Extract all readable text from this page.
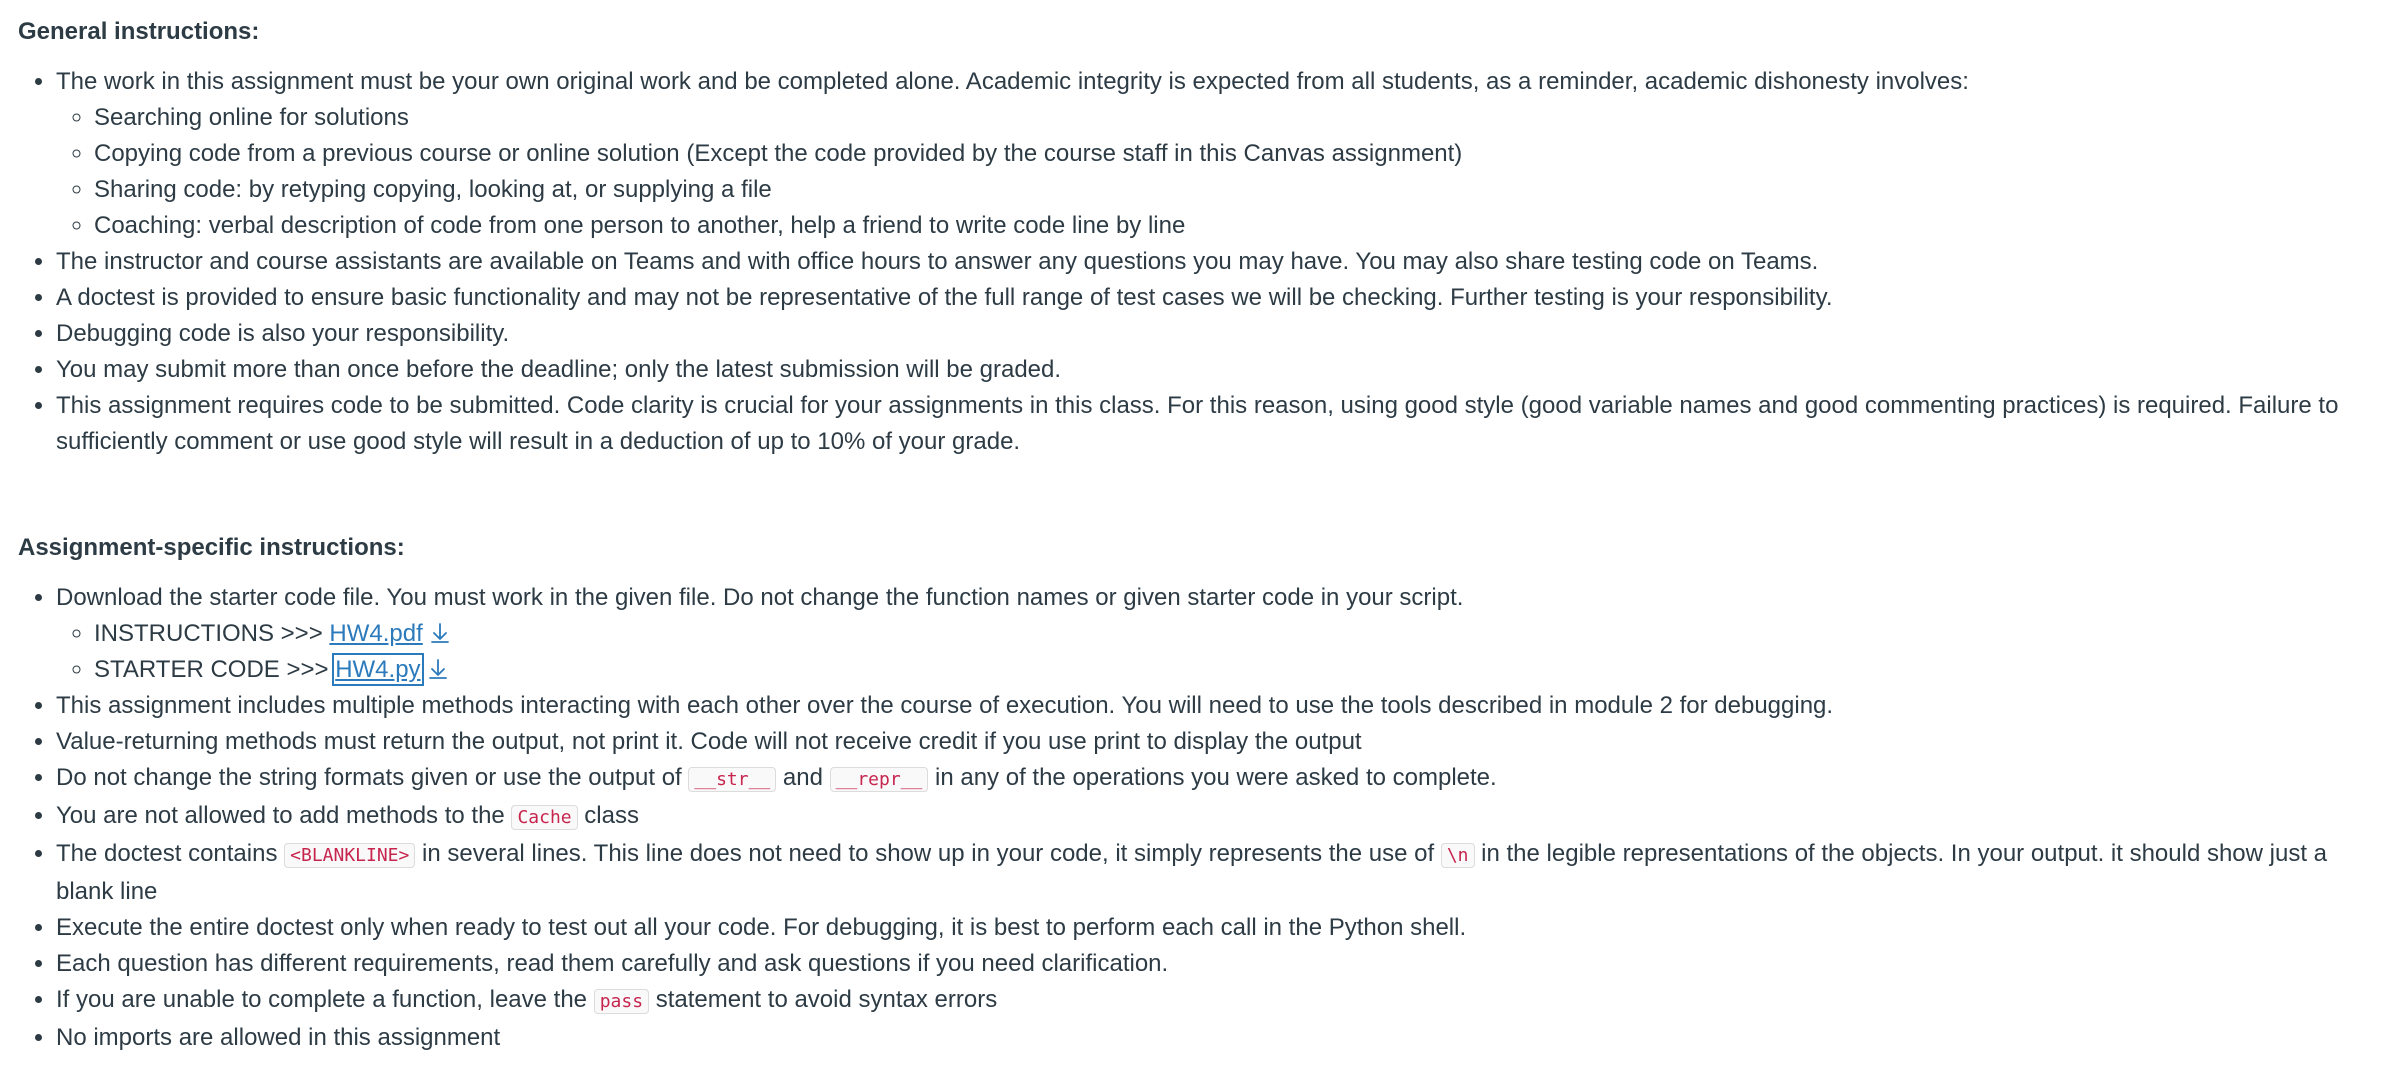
General instructions:
• The work in this assignment must be your own original work and be completed alone. Academic integrity is expected from all students, as a reminder, academic dishonesty involves:
◦ Searching online for solutions
◦ Copying code from a previous course or online solution (Except the code provided by the course staff in this Canvas assignment)
◦ Sharing code: by retyping copying, looking at, or supplying a file
◦ Coaching: verbal description of code from one person to another, help a friend to write code line by line
• The instructor and course assistants are available on Teams and with office hours to answer any questions you may have. You may also share testing code on Teams.
• A doctest is provided to ensure basic functionality and may not be representative of the full range of test cases we will be checking. Further testing is your responsibility.
• Debugging code is also your responsibility.
• You may submit more than once before the deadline; only the latest submission will be graded.
• This assignment requires code to be submitted. Code clarity is crucial for your assignments in this class. For this reason, using good style (good variable names and good commenting practices) is required. Failure to sufficiently comment or use good style will result in a deduction of up to 10% of your grade.
Assignment-specific instructions:
• Download the starter code file. You must work in the given file. Do not change the function names or given starter code in your script.
◦ INSTRUCTIONS >>> HW4.pdf
◦ STARTER CODE >>> HW4.py
• This assignment includes multiple methods interacting with each other over the course of execution. You will need to use the tools described in module 2 for debugging.
• Value-returning methods must return the output, not print it. Code will not receive credit if you use print to display the output
• Do not change the string formats given or use the output of __str__ and __repr__ in any of the operations you were asked to complete.
• You are not allowed to add methods to the Cache class
• The doctest contains <BLANKLINE> in several lines. This line does not need to show up in your code, it simply represents the use of \n in the legible representations of the objects. In your output. it should show just a blank line
• Execute the entire doctest only when ready to test out all your code. For debugging, it is best to perform each call in the Python shell.
• Each question has different requirements, read them carefully and ask questions if you need clarification.
• If you are unable to complete a function, leave the pass statement to avoid syntax errors
• No imports are allowed in this assignment
